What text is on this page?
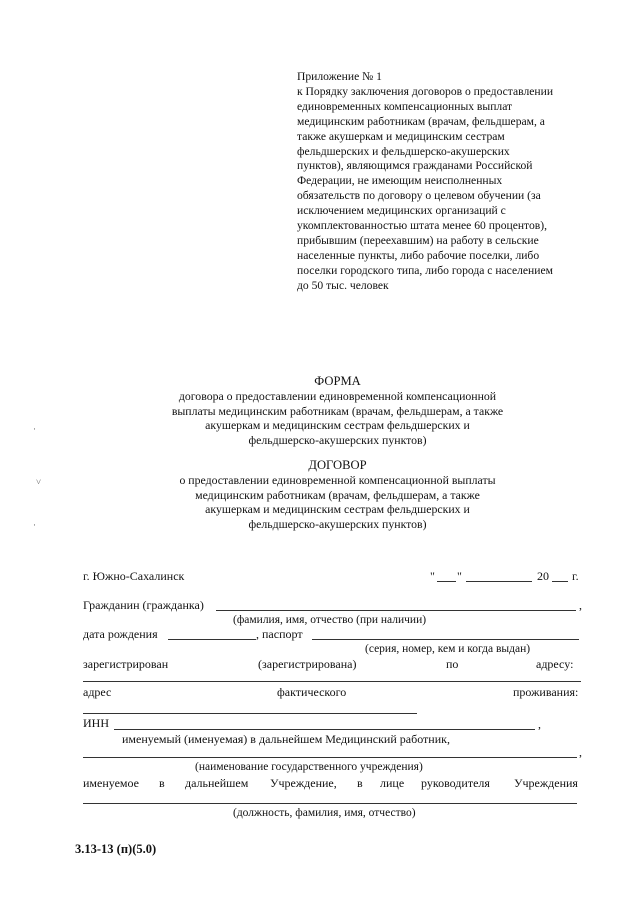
Приложение № 1
к Порядку заключения договоров о предоставлении
единовременных компенсационных выплат
медицинским работникам (врачам, фельдшерам, а
также акушеркам и медицинским сестрам
фельдшерских и фельдшерско-акушерских
пунктов), являющимся гражданами Российской
Федерации, не имеющим неисполненных
обязательств по договору о целевом обучении (за
исключением медицинских организаций с
укомплектованностью штата менее 60 процентов),
прибывшим (переехавшим) на работу в сельские
населенные пункты, либо рабочие поселки, либо
поселки городского типа, либо города с населением
до 50 тыс. человек
ФОРМА
договора о предоставлении единовременной компенсационной
выплаты медицинским работникам (врачам, фельдшерам, а также
акушеркам и медицинским сестрам фельдшерских и
фельдшерско-акушерских пунктов)
ДОГОВОР
о предоставлении единовременной компенсационной выплаты
медицинским работникам (врачам, фельдшерам, а также
акушеркам и медицинским сестрам фельдшерских и
фельдшерско-акушерских пунктов)
г. Южно-Сахалинск	" "	20 г.
Гражданин (гражданка)	,
(фамилия, имя, отчество (при наличии)
дата рождения	, паспорт
(серия, номер, кем и когда выдан)
зарегистрирован	(зарегистрирована)	по	адресу:
адрес	фактического	проживания:
ИНН	,
именуемый (именуемая) в дальнейшем Медицинский работник,
,
(наименование государственного учреждения)
именуемое в дальнейшем Учреждение, в лице руководителя Учреждения
(должность, фамилия, имя, отчество)
3.13-13 (п)(5.0)
·
˅
·
